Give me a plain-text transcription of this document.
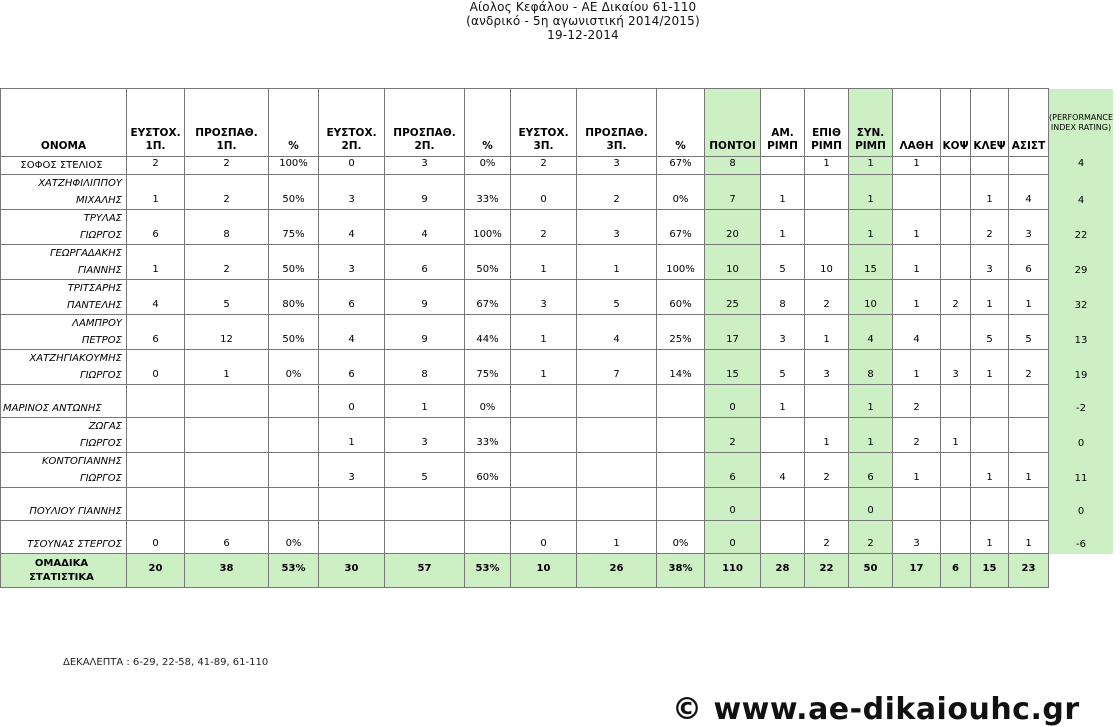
Αίολος Κεφάλου - ΑΕ Δικαίου 61-110
(ανδρικό - 5η αγωνιστική 2014/2015)
19-12-2014
ΟΝΟΜΑ	ΕΥΣΤΟΧ. 1Π.	ΠΡΟΣΠΑΘ. 1Π.	%	ΕΥΣΤΟΧ. 2Π.	ΠΡΟΣΠΑΘ. 2Π.	%	ΕΥΣΤΟΧ. 3Π.	ΠΡΟΣΠΑΘ. 3Π.	%	ΠΟΝΤΟΙ	ΑΜ. ΡΙΜΠ	ΕΠΙΘ ΡΙΜΠ	ΣΥΝ. ΡΙΜΠ	ΛΑΘΗ	ΚΟΨ	ΚΛΕΨ	ΑΣΙΣΤ	(PERFORMANCE INDEX RATING)
ΣΟΦΟΣ ΣΤΕΛΙΟΣ	2	2	100%	0	3	0%	2	3	67%	8		1	1	1				4
ΧΑΤΖΗΦΙΛΙΠΠΟΥ
ΜΙΧΑΛΗΣ	1	2	50%	3	9	33%	0	2	0%	7	1		1			1	4	4
ΤΡΥΛΑΣ
ΓΙΩΡΓΟΣ	6	8	75%	4	4	100%	2	3	67%	20	1		1	1		2	3	22
ΓΕΩΡΓΑΔΑΚΗΣ
ΓΙΑΝΝΗΣ	1	2	50%	3	6	50%	1	1	100%	10	5	10	15	1		3	6	29
ΤΡΙΤΣΑΡΗΣ
ΠΑΝΤΕΛΗΣ	4	5	80%	6	9	67%	3	5	60%	25	8	2	10	1	2	1	1	32
ΛΑΜΠΡΟΥ
ΠΕΤΡΟΣ	6	12	50%	4	9	44%	1	4	25%	17	3	1	4	4		5	5	13
ΧΑΤΖΗΓΙΑΚΟΥΜΗΣ
ΓΙΩΡΓΟΣ	0	1	0%	6	8	75%	1	7	14%	15	5	3	8	1	3	1	2	19
ΜΑΡΙΝΟΣ ΑΝΤΩΝΗΣ				0	1	0%				0	1		1	2				-2
ΖΩΓΑΣ
ΓΙΩΡΓΟΣ				1	3	33%				2		1	1	2	1			0
ΚΟΝΤΟΓΙΑΝΝΗΣ
ΓΙΩΡΓΟΣ				3	5	60%				6	4	2	6	1		1	1	11
ΠΟΥΛΙΟΥ ΓΙΑΝΝΗΣ										0			0					0
ΤΣΟΥΝΑΣ ΣΤΕΡΓΟΣ	0	6	0%				0	1	0%	0		2	2	3		1	1	-6
ΟΜΑΔΙΚΑ
ΣΤΑΤΙΣΤΙΚΑ	20	38	53%	30	57	53%	10	26	38%	110	28	22	50	17	6	15	23	
ΔΕΚΑΛΕΠΤΑ : 6-29, 22-58, 41-89, 61-110
© www.ae-dikaiouhc.gr
